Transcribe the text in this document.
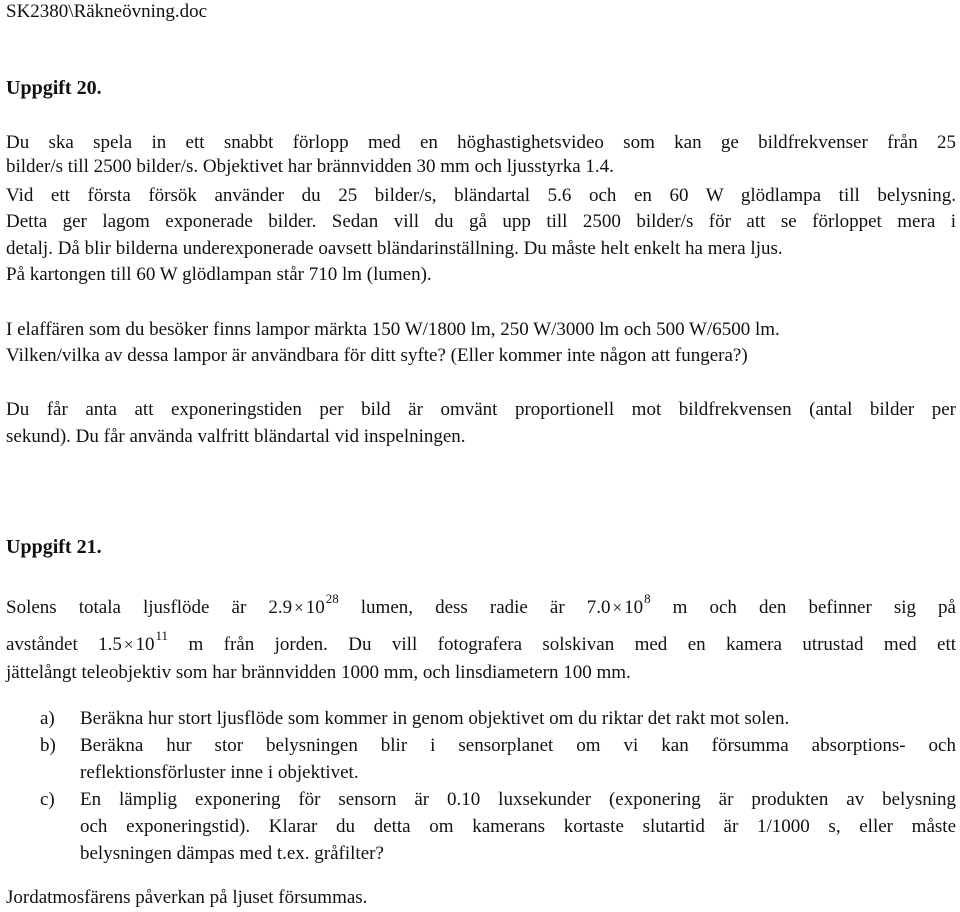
SK2380\Räkneövning.doc
Uppgift 20.
Du ska spela in ett snabbt förlopp med en höghastighetsvideo som kan ge bildfrekvenser från 25
bilder/s till 2500 bilder/s. Objektivet har brännvidden 30 mm och ljusstyrka 1.4.
Vid ett första försök använder du 25 bilder/s, bländartal 5.6 och en 60 W glödlampa till belysning.
Detta ger lagom exponerade bilder. Sedan vill du gå upp till 2500 bilder/s för att se förloppet mera i
detalj. Då blir bilderna underexponerade oavsett bländarinställning. Du måste helt enkelt ha mera ljus.
På kartongen till 60 W glödlampan står 710 lm (lumen).
I elaffären som du besöker finns lampor märkta 150 W/1800 lm, 250 W/3000 lm och 500 W/6500 lm.
Vilken/vilka av dessa lampor är användbara för ditt syfte? (Eller kommer inte någon att fungera?)
Du får anta att exponeringstiden per bild är omvänt proportionell mot bildfrekvensen (antal bilder per
sekund). Du får använda valfritt bländartal vid inspelningen.
Uppgift 21.
Solens totala ljusflöde är $2.9 \times 10^{28}$ lumen, dess radie är $7.0 \times 10^8$ m och den befinner sig på
avståndet $1.5 \times 10^{11}$ m från jorden. Du vill fotografera solskivan med en kamera utrustad med ett
jättelångt teleobjektiv som har brännvidden 1000 mm, och linsdiametern 100 mm.
a) Beräkna hur stort ljusflöde som kommer in genom objektivet om du riktar det rakt mot solen.
b) Beräkna hur stor belysningen blir i sensorplanet om vi kan försumma absorptions- och
reflektionsförluster inne i objektivet.
c) En lämplig exponering för sensorn är 0.10 luxsekunder (exponering är produkten av belysning
och exponeringstid). Klarar du detta om kamerans kortaste slutartid är 1/1000 s, eller måste
belysningen dämpas med t.ex. gråfilter?
Jordatmosfärens påverkan på ljuset försummas.
